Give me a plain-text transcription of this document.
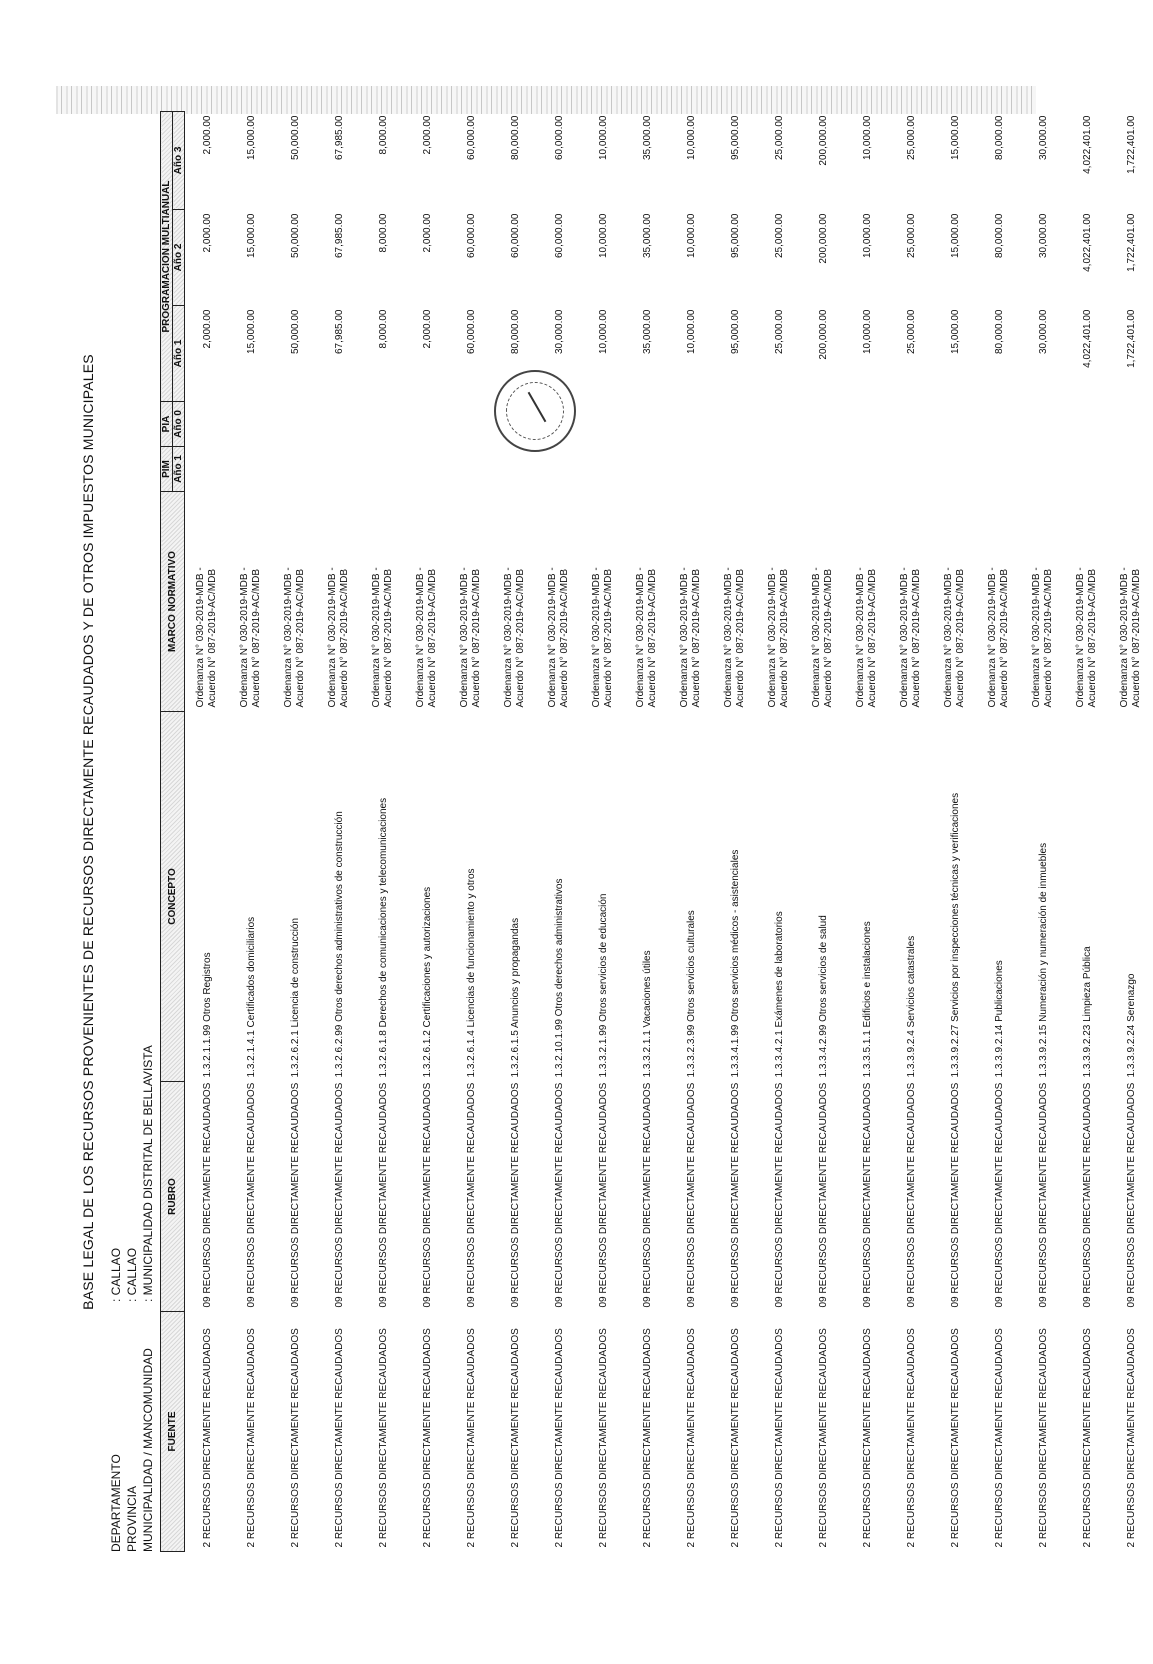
BASE LEGAL DE LOS RECURSOS PROVENIENTES DE RECURSOS DIRECTAMENTE RECAUDADOS Y DE OTROS IMPUESTOS MUNICIPALES
DEPARTAMENTO
: CALLAO
PROVINCIA
: CALLAO
MUNICIPALIDAD / MANCOMUNIDAD
: MUNICIPALIDAD DISTRITAL DE BELLAVISTA
FUENTE	RUBRO	CONCEPTO	MARCO NORMATIVO	PIM	PIA	PROGRAMACION MULTIANUAL		
				Año 1	Año 0	Año 1	Año 2	Año 3
2 RECURSOS DIRECTAMENTE RECAUDADOS	09 RECURSOS DIRECTAMENTE RECAUDADOS	1.3.2.1.1.99 Otros Registros	Ordenanza N° 030-2019-MDB - Acuerdo N° 087-2019-AC/MDB			2,000.00	2,000.00	2,000.00
2 RECURSOS DIRECTAMENTE RECAUDADOS	09 RECURSOS DIRECTAMENTE RECAUDADOS	1.3.2.1.4.1 Certificados domiciliarios	Ordenanza N° 030-2019-MDB - Acuerdo N° 087-2019-AC/MDB			15,000.00	15,000.00	15,000.00
2 RECURSOS DIRECTAMENTE RECAUDADOS	09 RECURSOS DIRECTAMENTE RECAUDADOS	1.3.2.6.2.1 Licencia de construcción	Ordenanza N° 030-2019-MDB - Acuerdo N° 087-2019-AC/MDB			50,000.00	50,000.00	50,000.00
2 RECURSOS DIRECTAMENTE RECAUDADOS	09 RECURSOS DIRECTAMENTE RECAUDADOS	1.3.2.6.2.99 Otros derechos administrativos de construcción	Ordenanza N° 030-2019-MDB - Acuerdo N° 087-2019-AC/MDB			67,985.00	67,985.00	67,985.00
2 RECURSOS DIRECTAMENTE RECAUDADOS	09 RECURSOS DIRECTAMENTE RECAUDADOS	1.3.2.6.1.8 Derechos de comunicaciones y telecomunicaciones	Ordenanza N° 030-2019-MDB - Acuerdo N° 087-2019-AC/MDB			8,000.00	8,000.00	8,000.00
2 RECURSOS DIRECTAMENTE RECAUDADOS	09 RECURSOS DIRECTAMENTE RECAUDADOS	1.3.2.6.1.2 Certificaciones y autorizaciones	Ordenanza N° 030-2019-MDB - Acuerdo N° 087-2019-AC/MDB			2,000.00	2,000.00	2,000.00
2 RECURSOS DIRECTAMENTE RECAUDADOS	09 RECURSOS DIRECTAMENTE RECAUDADOS	1.3.2.6.1.4 Licencias de funcionamiento y otros	Ordenanza N° 030-2019-MDB - Acuerdo N° 087-2019-AC/MDB			60,000.00	60,000.00	60,000.00
2 RECURSOS DIRECTAMENTE RECAUDADOS	09 RECURSOS DIRECTAMENTE RECAUDADOS	1.3.2.6.1.5 Anuncios y propagandas	Ordenanza N° 030-2019-MDB - Acuerdo N° 087-2019-AC/MDB			80,000.00	60,000.00	80,000.00
2 RECURSOS DIRECTAMENTE RECAUDADOS	09 RECURSOS DIRECTAMENTE RECAUDADOS	1.3.2.10.1.99 Otros derechos administrativos	Ordenanza N° 030-2019-MDB - Acuerdo N° 087-2019-AC/MDB			30,000.00	60,000.00	60,000.00
2 RECURSOS DIRECTAMENTE RECAUDADOS	09 RECURSOS DIRECTAMENTE RECAUDADOS	1.3.3.2.1.99 Otros servicios de educación	Ordenanza N° 030-2019-MDB - Acuerdo N° 087-2019-AC/MDB			10,000.00	10,000.00	10,000.00
2 RECURSOS DIRECTAMENTE RECAUDADOS	09 RECURSOS DIRECTAMENTE RECAUDADOS	1.3.3.2.1.1 Vacaciones útiles	Ordenanza N° 030-2019-MDB - Acuerdo N° 087-2019-AC/MDB			35,000.00	35,000.00	35,000.00
2 RECURSOS DIRECTAMENTE RECAUDADOS	09 RECURSOS DIRECTAMENTE RECAUDADOS	1.3.3.2.3.99 Otros servicios culturales	Ordenanza N° 030-2019-MDB - Acuerdo N° 087-2019-AC/MDB			10,000.00	10,000.00	10,000.00
2 RECURSOS DIRECTAMENTE RECAUDADOS	09 RECURSOS DIRECTAMENTE RECAUDADOS	1.3.3.4.1.99 Otros servicios médicos - asistenciales	Ordenanza N° 030-2019-MDB - Acuerdo N° 087-2019-AC/MDB			95,000.00	95,000.00	95,000.00
2 RECURSOS DIRECTAMENTE RECAUDADOS	09 RECURSOS DIRECTAMENTE RECAUDADOS	1.3.3.4.2.1 Exámenes de laboratorios	Ordenanza N° 030-2019-MDB - Acuerdo N° 087-2019-AC/MDB			25,000.00	25,000.00	25,000.00
2 RECURSOS DIRECTAMENTE RECAUDADOS	09 RECURSOS DIRECTAMENTE RECAUDADOS	1.3.3.4.2.99 Otros servicios de salud	Ordenanza N° 030-2019-MDB - Acuerdo N° 087-2019-AC/MDB			200,000.00	200,000.00	200,000.00
2 RECURSOS DIRECTAMENTE RECAUDADOS	09 RECURSOS DIRECTAMENTE RECAUDADOS	1.3.3.5.1.1 Edificios e instalaciones	Ordenanza N° 030-2019-MDB - Acuerdo N° 087-2019-AC/MDB			10,000.00	10,000.00	10,000.00
2 RECURSOS DIRECTAMENTE RECAUDADOS	09 RECURSOS DIRECTAMENTE RECAUDADOS	1.3.3.9.2.4 Servicios catastrales	Ordenanza N° 030-2019-MDB - Acuerdo N° 087-2019-AC/MDB			25,000.00	25,000.00	25,000.00
2 RECURSOS DIRECTAMENTE RECAUDADOS	09 RECURSOS DIRECTAMENTE RECAUDADOS	1.3.3.9.2.27 Servicios por inspecciones técnicas y verificaciones	Ordenanza N° 030-2019-MDB - Acuerdo N° 087-2019-AC/MDB			15,000.00	15,000.00	15,000.00
2 RECURSOS DIRECTAMENTE RECAUDADOS	09 RECURSOS DIRECTAMENTE RECAUDADOS	1.3.3.9.2.14 Publicaciones	Ordenanza N° 030-2019-MDB - Acuerdo N° 087-2019-AC/MDB			80,000.00	80,000.00	80,000.00
2 RECURSOS DIRECTAMENTE RECAUDADOS	09 RECURSOS DIRECTAMENTE RECAUDADOS	1.3.3.9.2.15 Numeración y numeración de inmuebles	Ordenanza N° 030-2019-MDB - Acuerdo N° 087-2019-AC/MDB			30,000.00	30,000.00	30,000.00
2 RECURSOS DIRECTAMENTE RECAUDADOS	09 RECURSOS DIRECTAMENTE RECAUDADOS	1.3.3.9.2.23 Limpieza Pública	Ordenanza N° 030-2019-MDB - Acuerdo N° 087-2019-AC/MDB			4,022,401.00	4,022,401.00	4,022,401.00
2 RECURSOS DIRECTAMENTE RECAUDADOS	09 RECURSOS DIRECTAMENTE RECAUDADOS	1.3.3.9.2.24 Serenazgo	Ordenanza N° 030-2019-MDB - Acuerdo N° 087-2019-AC/MDB			1,722,401.00	1,722,401.00	1,722,401.00
